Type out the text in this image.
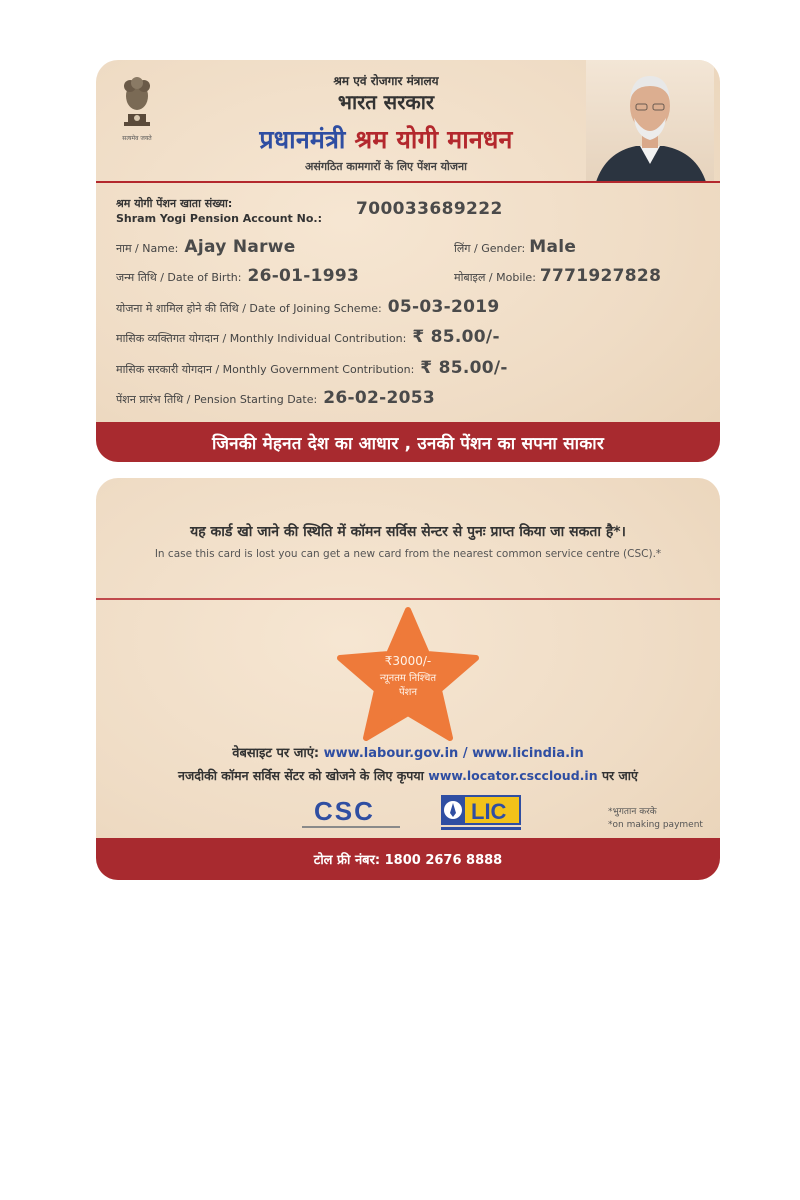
सत्यमेव जयते
श्रम एवं रोजगार मंत्रालय
भारत सरकार
प्रधानमंत्री श्रम योगी मानधन
असंगठित कामगारों के लिए पेंशन योजना
श्रम योगी पेंशन खाता संख्या:
Shram Yogi Pension Account No.: 700033689222
नाम / Name: Ajay Narwe	लिंग / Gender: Male
जन्म तिथि / Date of Birth: 26-01-1993	मोबाइल / Mobile: 7771927828
योजना मे शामिल होने की तिथि / Date of Joining Scheme: 05-03-2019
मासिक व्यक्तिगत योगदान / Monthly Individual Contribution: ₹ 85.00/-
मासिक सरकारी योगदान / Monthly Government Contribution: ₹ 85.00/-
पेंशन प्रारंभ तिथि / Pension Starting Date: 26-02-2053
जिनकी मेहनत देश का आधार , उनकी पेंशन का सपना साकार
यह कार्ड खो जाने की स्थिति में कॉमन सर्विस सेन्टर से पुनः प्राप्त किया जा सकता है*।
In case this card is lost you can get a new card from the nearest common service centre (CSC).*
₹3000/-
न्यूनतम निश्चित
पेंशन
वेबसाइट पर जाएं: www.labour.gov.in / www.licindia.in
नजदीकी कॉमन सर्विस सेंटर को खोजने के लिए कृपया www.locator.csccloud.in पर जाएं
CSC	LIC	*भुगतान करके
*on making payment
टोल फ्री नंबर: 1800 2676 8888
